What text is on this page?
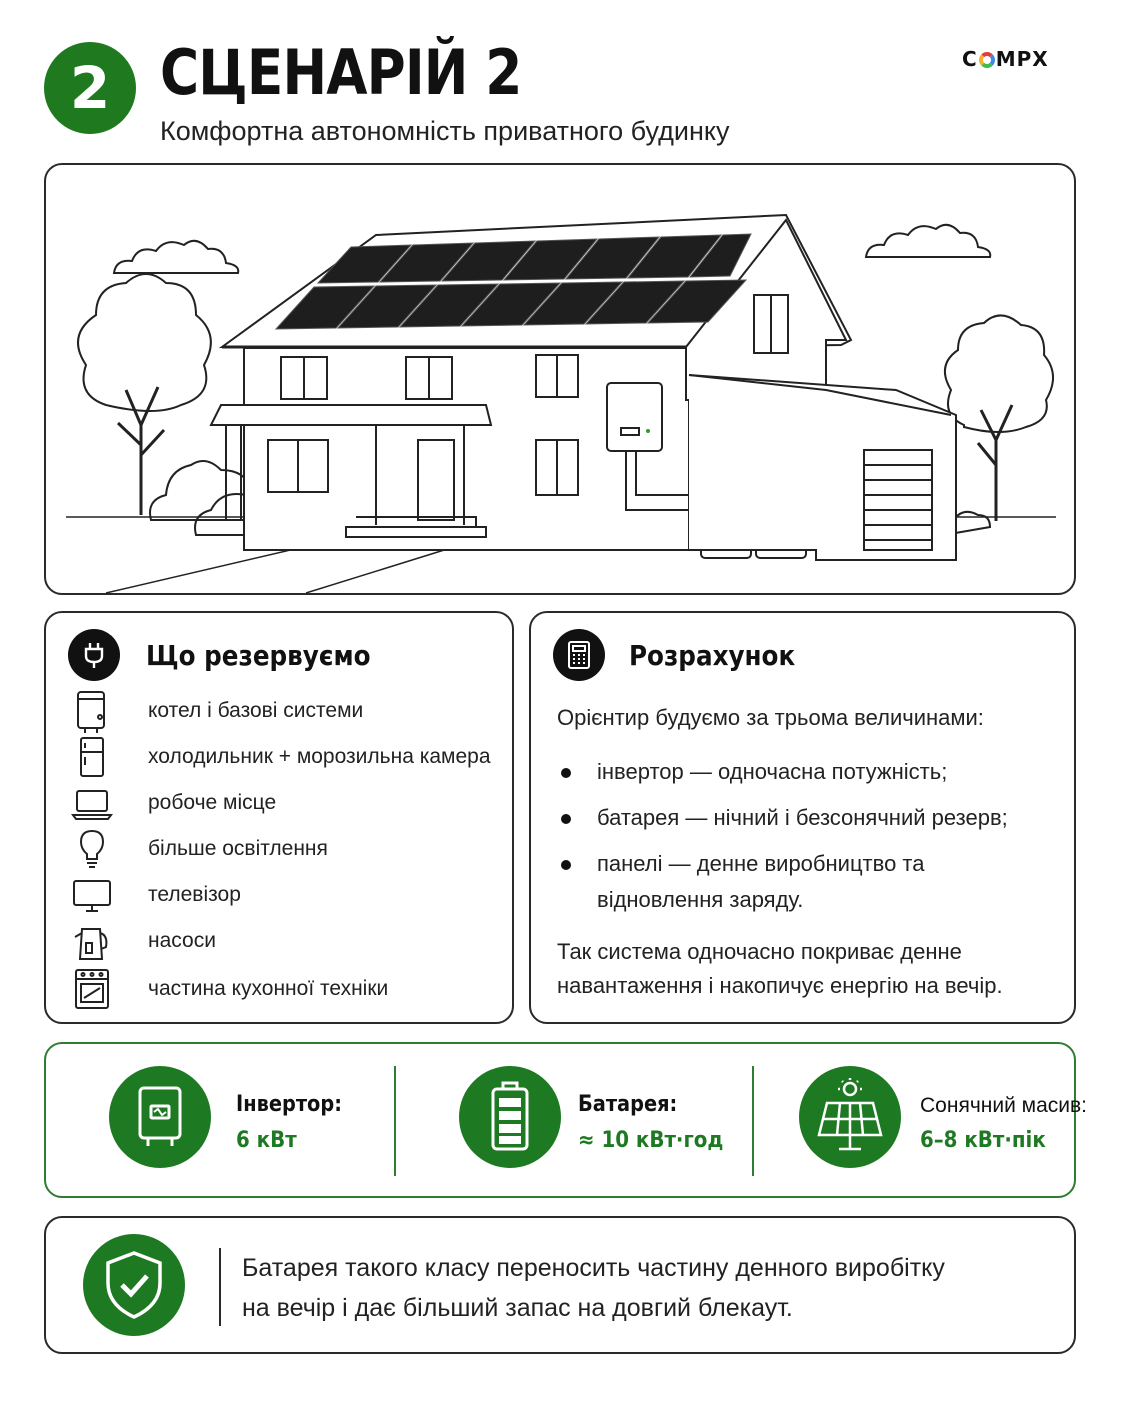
2 СЦЕНАРІЙ 2
Комфортна автономність приватного будинку
C MPX
Що резервуємо
котел і базові системи
холодильник + морозильна камера
робоче місце
більше освітлення
телевізор
насоси
частина кухонної техніки
Розрахунок
Орієнтир будуємо за трьома величинами:
інвертор — одночасна потужність;
батарея — нічний і безсонячний резерв;
панелі — денне виробництво та
відновлення заряду.
Так система одночасно покриває денне
навантаження і накопичує енергію на вечір.
Інвертор:
6 кВт
Батарея:
≈ 10 кВт·год
Сонячний масив:
6–8 кВт·пік
Батарея такого класу переносить частину денного виробітку
на вечір і дає більший запас на довгий блекаут.
